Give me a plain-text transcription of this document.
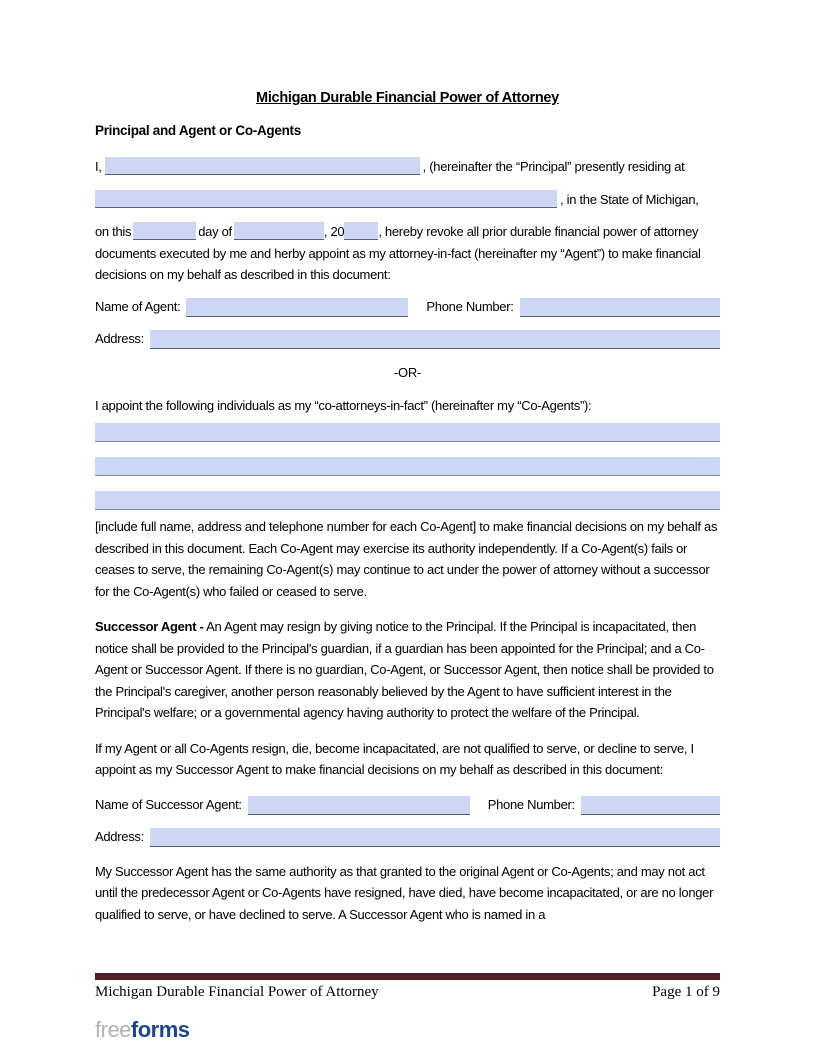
Michigan Durable Financial Power of Attorney
Principal and Agent or Co-Agents

I,	, (hereinafter the “Principal” presently residing at

, in the State of Michigan,

on this	day of	, 20	, hereby revoke all prior durable financial power of attorney documents executed by me and herby appoint as my attorney-in-fact (hereinafter my “Agent”) to make financial decisions on my behalf as described in this document:

Name of Agent:	Phone Number:
Address:
-OR-

I appoint the following individuals as my “co-attorneys-in-fact” (hereinafter my “Co-Agents”):

[include full name, address and telephone number for each Co-Agent] to make financial decisions on my behalf as described in this document. Each Co-Agent may exercise its authority independently. If a Co-Agent(s) fails or ceases to serve, the remaining Co-Agent(s) may continue to act under the power of attorney without a successor for the Co-Agent(s) who failed or ceased to serve.

Successor Agent - An Agent may resign by giving notice to the Principal. If the Principal is incapacitated, then notice shall be provided to the Principal's guardian, if a guardian has been appointed for the Principal; and a Co-Agent or Successor Agent. If there is no guardian, Co-Agent, or Successor Agent, then notice shall be provided to the Principal's caregiver, another person reasonably believed by the Agent to have sufficient interest in the Principal's welfare; or a governmental agency having authority to protect the welfare of the Principal.

If my Agent or all Co-Agents resign, die, become incapacitated, are not qualified to serve, or decline to serve, I appoint as my Successor Agent to make financial decisions on my behalf as described in this document:

Name of Successor Agent:	Phone Number:
Address:

My Successor Agent has the same authority as that granted to the original Agent or Co-Agents; and may not act until the predecessor Agent or Co-Agents have resigned, have died, have become incapacitated, or are no longer qualified to serve, or have declined to serve. A Successor Agent who is named in a

Michigan Durable Financial Power of Attorney	Page 1 of 9
freeforms
